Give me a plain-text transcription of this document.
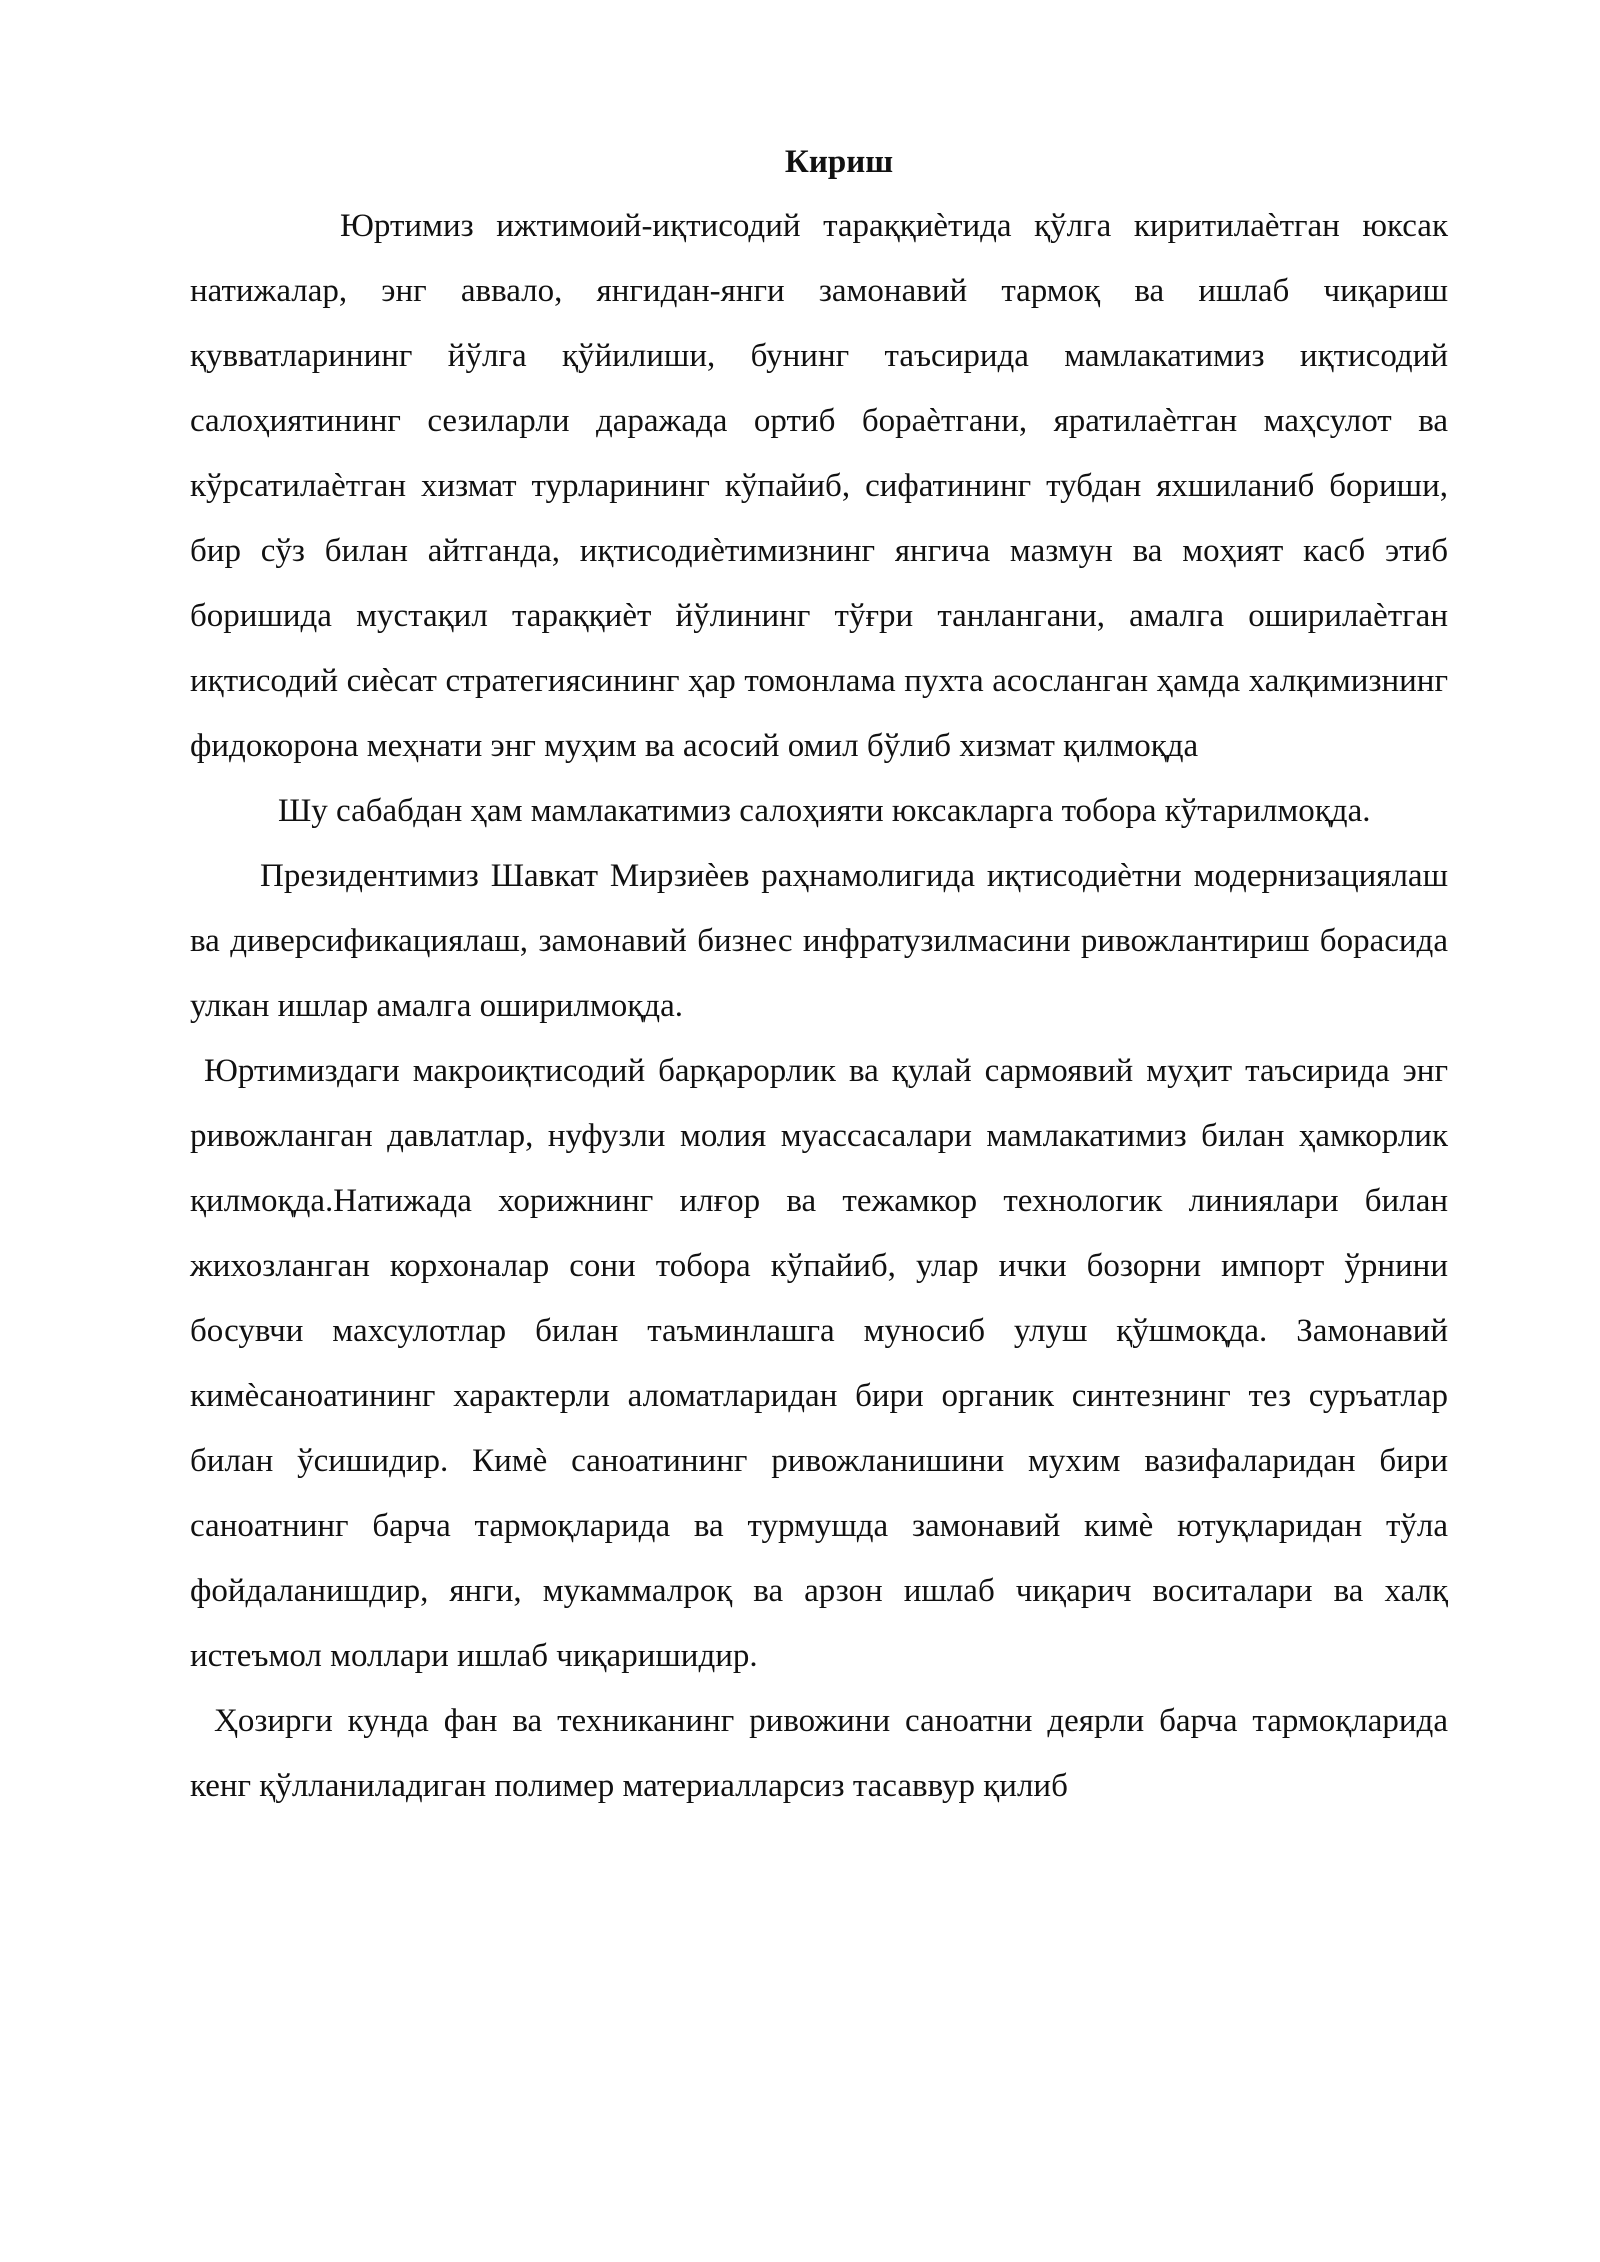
Кириш

Юртимиз ижтимоий-иқтисодий тараққиѐтида қўлга киритилаѐтган юксак натижалар, энг аввало, янгидан-янги замонавий тармоқ ва ишлаб чиқариш қувватларининг йўлга қўйилиши, бунинг таъсирида мамлакатимиз иқтисодий салоҳиятининг сезиларли даражада ортиб бораѐтгани, яратилаѐтган маҳсулот ва кўрсатилаѐтган хизмат турларининг кўпайиб, сифатининг тубдан яхшиланиб бориши, бир сўз билан айтганда, иқтисодиѐтимизнинг янгича мазмун ва моҳият касб этиб боришида мустақил тараққиѐт йўлининг тўғри танлангани, амалга оширилаѐтган иқтисодий сиѐсат стратегиясининг ҳар томонлама пухта асосланган ҳамда халқимизнинг фидокорона меҳнати энг муҳим ва асосий омил бўлиб хизмат қилмоқда

Шу сабабдан ҳам мамлакатимиз салоҳияти юксакларга тобора кўтарилмоқда.

Президентимиз Шавкат Мирзиѐев раҳнамолигида иқтисодиѐтни модернизациялаш ва диверсификациялаш, замонавий бизнес инфратузилмасини ривожлантириш борасида улкан ишлар амалга оширилмоқда.

Юртимиздаги макроиқтисодий барқарорлик ва қулай сармоявий муҳит таъсирида энг ривожланган давлатлар, нуфузли молия муассасалари мамлакатимиз билан ҳамкорлик қилмоқда.Натижада хорижнинг илғор ва тежамкор технологик линиялари билан жихозланган корхоналар сони тобора кўпайиб, улар ички бозорни импорт ўрнини босувчи махсулотлар билан таъминлашга муносиб улуш қўшмоқда. Замонавий кимѐсаноатининг характерли аломатларидан бири органик синтезнинг тез суръатлар билан ўсишидир. Кимѐ саноатининг ривожланишини мухим вазифаларидан бири саноатнинг барча тармоқларида ва турмушда замонавий кимѐ ютуқларидан тўла фойдаланишдир, янги, мукаммалроқ ва арзон ишлаб чиқарич воситалари ва халқ истеъмол моллари ишлаб чиқаришидир.

Ҳозирги кунда фан ва техниканинг ривожини саноатни деярли барча тармоқларида кенг қўлланиладиган полимер материалларсиз тасаввур қилиб
